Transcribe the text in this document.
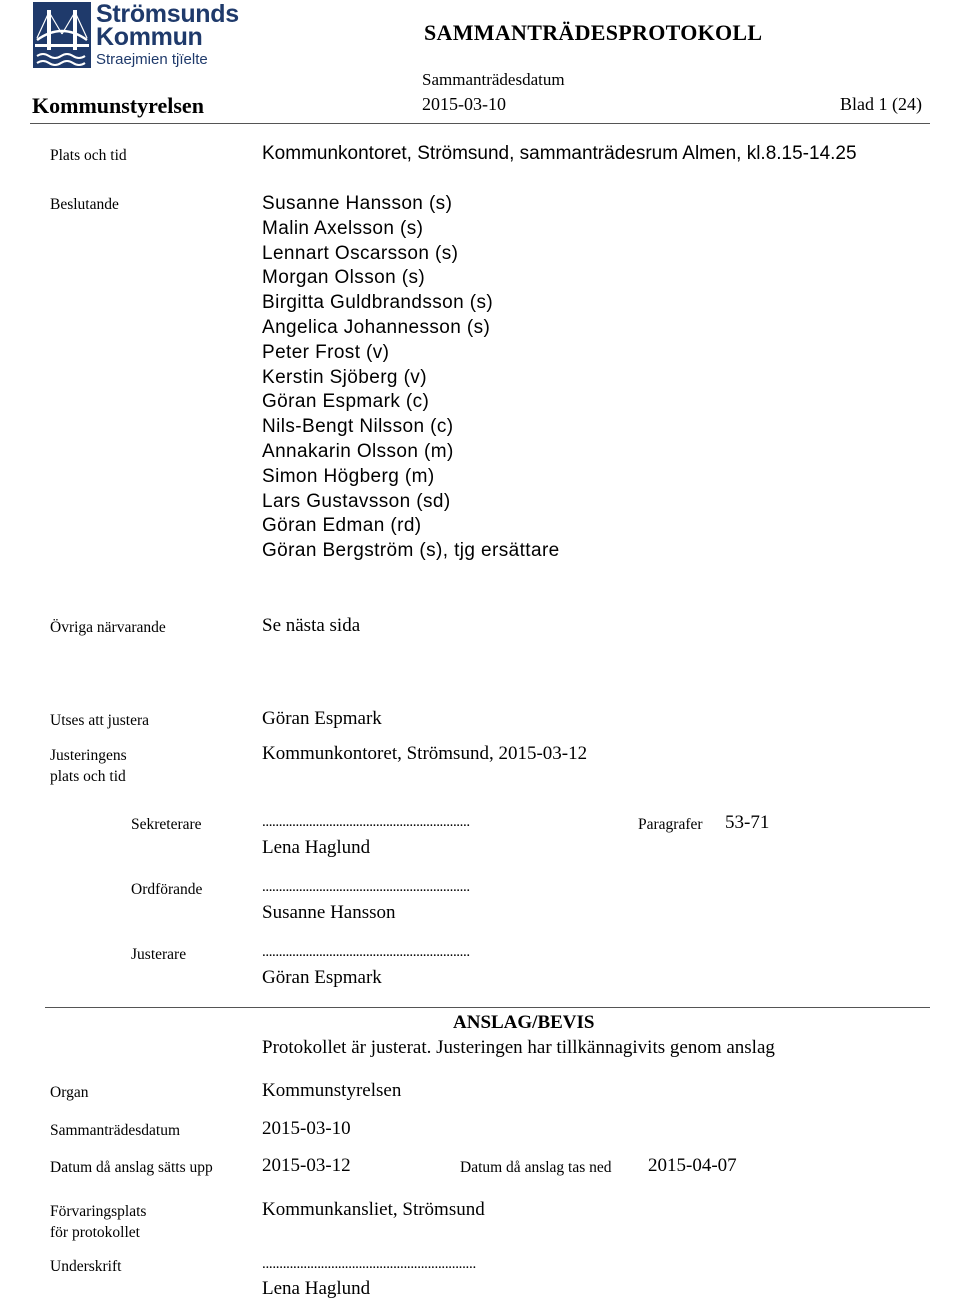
Strömsunds
Kommun
Straejmien tjïelte
SAMMANTRÄDESPROTOKOLL
Kommunstyrelsen
Sammanträdesdatum
2015-03-10	Blad 1 (24)
Plats och tid	Kommunkontoret, Strömsund, sammanträdesrum Almen, kl.8.15-14.25
Beslutande	Susanne Hansson (s)
Malin Axelsson (s)
Lennart Oscarsson (s)
Morgan Olsson (s)
Birgitta Guldbrandsson (s)
Angelica Johannesson (s)
Peter Frost (v)
Kerstin Sjöberg (v)
Göran Espmark (c)
Nils-Bengt Nilsson (c)
Annakarin Olsson (m)
Simon Högberg (m)
Lars Gustavsson (sd)
Göran Edman (rd)
Göran Bergström (s), tjg ersättare
Övriga närvarande	Se nästa sida
Utses att justera	Göran Espmark
Justeringens
plats och tid
Kommunkontoret, Strömsund, 2015-03-12
Sekreterare	..............................................................
Lena Haglund
Paragrafer 53-71
Ordförande	..............................................................
Susanne Hansson
Justerare	..............................................................
Göran Espmark
ANSLAG/BEVIS
Protokollet är justerat. Justeringen har tillkännagivits genom anslag
Organ	Kommunstyrelsen
Sammanträdesdatum	2015-03-10
Datum då anslag sätts upp	2015-03-12	Datum då anslag tas ned 2015-04-07
Förvaringsplats
för protokollet
Kommunkansliet, Strömsund
Underskrift	..............................................................
Lena Haglund
